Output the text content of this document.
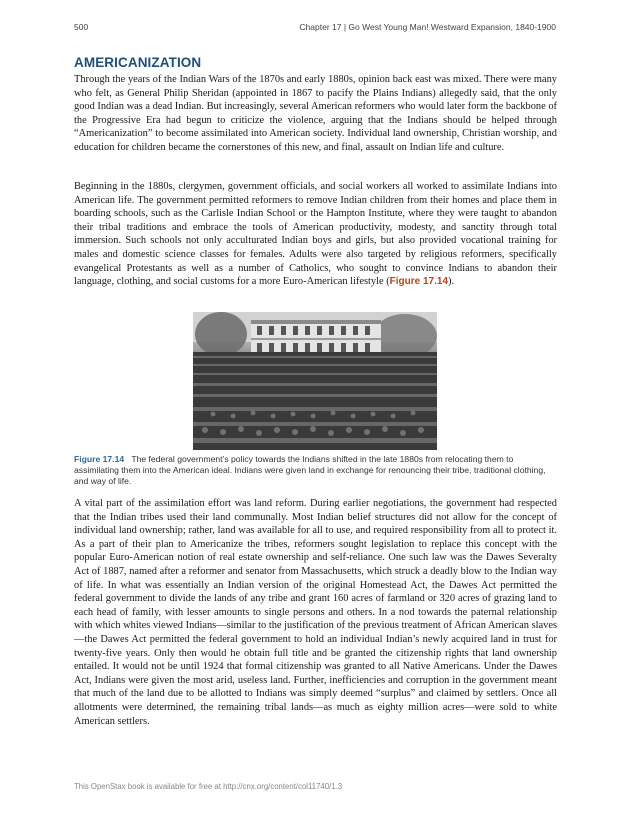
500	Chapter 17 | Go West Young Man! Westward Expansion, 1840-1900
AMERICANIZATION

Through the years of the Indian Wars of the 1870s and early 1880s, opinion back east was mixed. There were many who felt, as General Philip Sheridan (appointed in 1867 to pacify the Plains Indians) allegedly said, that the only good Indian was a dead Indian. But increasingly, several American reformers who would later form the backbone of the Progressive Era had begun to criticize the violence, arguing that the Indians should be helped through “Americanization” to become assimilated into American society. Individual land ownership, Christian worship, and education for children became the cornerstones of this new, and final, assault on Indian life and culture.

Beginning in the 1880s, clergymen, government officials, and social workers all worked to assimilate Indians into American life. The government permitted reformers to remove Indian children from their homes and place them in boarding schools, such as the Carlisle Indian School or the Hampton Institute, where they were taught to abandon their tribal traditions and embrace the tools of American productivity, modesty, and sanctity through total immersion. Such schools not only acculturated Indian boys and girls, but also provided vocational training for males and domestic science classes for females. Adults were also targeted by religious reformers, specifically evangelical Protestants as well as a number of Catholics, who sought to convince Indians to abandon their language, clothing, and social customs for a more Euro-American lifestyle (Figure 17.14).

Figure 17.14 The federal government’s policy towards the Indians shifted in the late 1880s from relocating them to assimilating them into the American ideal. Indians were given land in exchange for renouncing their tribe, traditional clothing, and way of life.

A vital part of the assimilation effort was land reform. During earlier negotiations, the government had respected that the Indian tribes used their land communally. Most Indian belief structures did not allow for the concept of individual land ownership; rather, land was available for all to use, and required responsibility from all to protect it. As a part of their plan to Americanize the tribes, reformers sought legislation to replace this concept with the popular Euro-American notion of real estate ownership and self-reliance. One such law was the Dawes Severalty Act of 1887, named after a reformer and senator from Massachusetts, which struck a deadly blow to the Indian way of life. In what was essentially an Indian version of the original Homestead Act, the Dawes Act permitted the federal government to divide the lands of any tribe and grant 160 acres of farmland or 320 acres of grazing land to each head of family, with lesser amounts to single persons and others. In a nod towards the paternal relationship with which whites viewed Indians—similar to the justification of the previous treatment of African American slaves—the Dawes Act permitted the federal government to hold an individual Indian’s newly acquired land in trust for twenty-five years. Only then would he obtain full title and be granted the citizenship rights that land ownership entailed. It would not be until 1924 that formal citizenship was granted to all Native Americans. Under the Dawes Act, Indians were given the most arid, useless land. Further, inefficiencies and corruption in the government meant that much of the land due to be allotted to Indians was simply deemed “surplus” and claimed by settlers. Once all allotments were determined, the remaining tribal lands—as much as eighty million acres—were sold to white American settlers.

This OpenStax book is available for free at http://cnx.org/content/col11740/1.3
